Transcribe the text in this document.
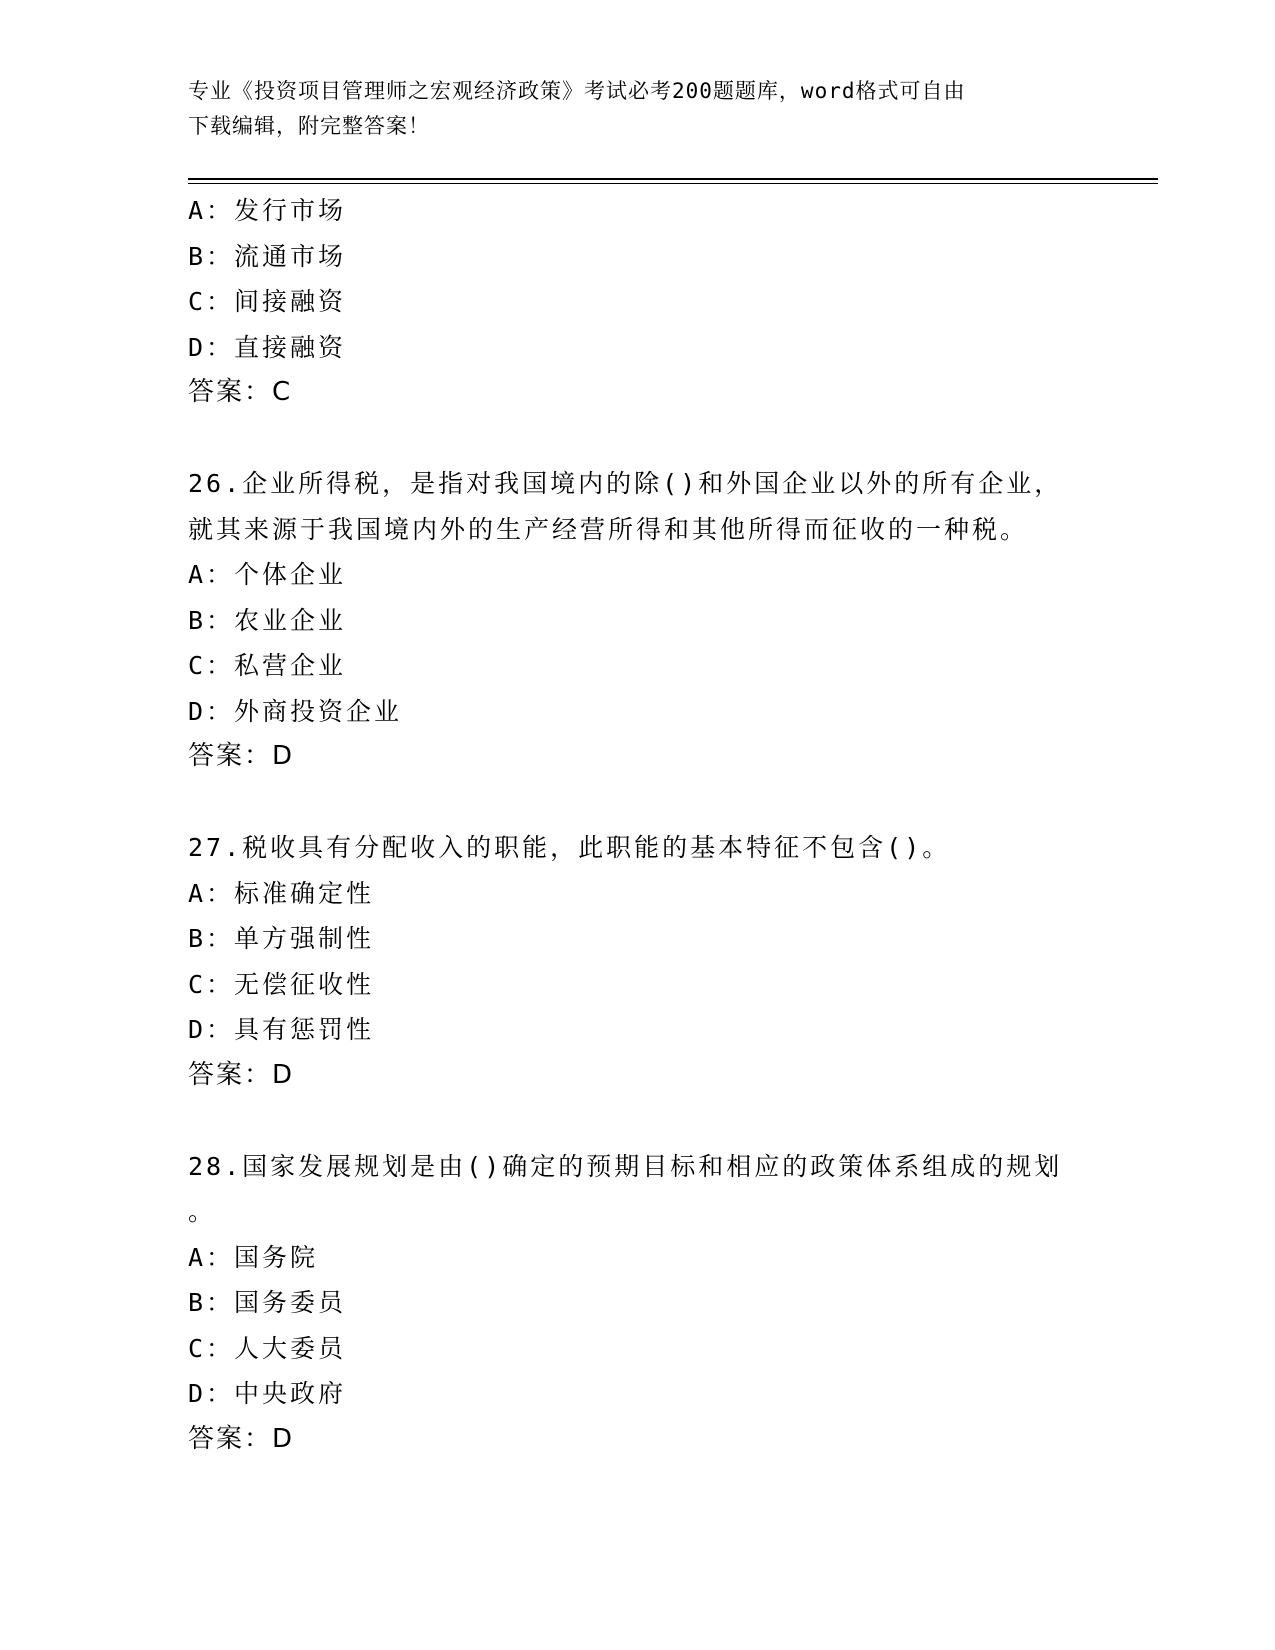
专业《投资项目管理师之宏观经济政策》考试必考200题题库，word格式可自由
下载编辑，附完整答案！
A：发行市场
B：流通市场
C：间接融资
D：直接融资
答案：C
26.企业所得税，是指对我国境内的除()和外国企业以外的所有企业，
就其来源于我国境内外的生产经营所得和其他所得而征收的一种税。
A：个体企业
B：农业企业
C：私营企业
D：外商投资企业
答案：D
27.税收具有分配收入的职能，此职能的基本特征不包含()。
A：标准确定性
B：单方强制性
C：无偿征收性
D：具有惩罚性
答案：D
28.国家发展规划是由()确定的预期目标和相应的政策体系组成的规划
。
A：国务院
B：国务委员
C：人大委员
D：中央政府
答案：D
